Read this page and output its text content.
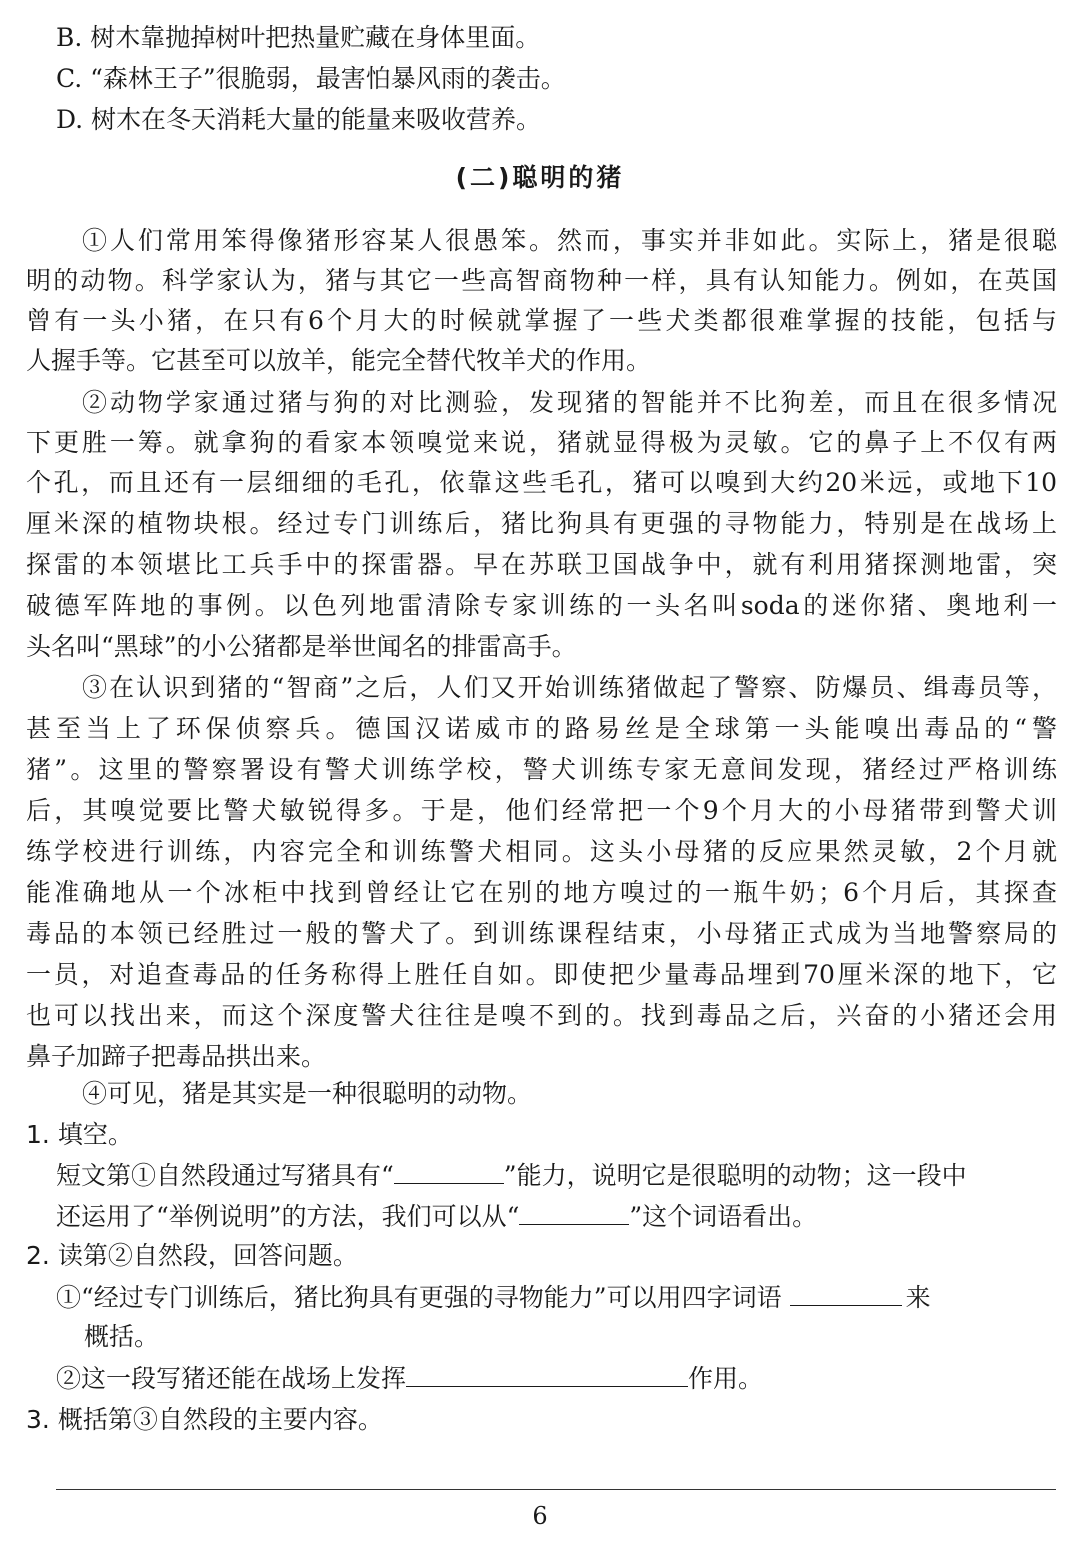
B. 树木靠抛掉树叶把热量贮藏在身体里面。
C. “森林王子”很脆弱，最害怕暴风雨的袭击。
D. 树木在冬天消耗大量的能量来吸收营养。
(二)聪明的猪
①人们常用笨得像猪形容某人很愚笨。然而，事实并非如此。实际上，猪是很聪
明的动物。科学家认为，猪与其它一些高智商物种一样，具有认知能力。例如，在英国
曾有一头小猪，在只有6个月大的时候就掌握了一些犬类都很难掌握的技能，包括与
人握手等。它甚至可以放羊，能完全替代牧羊犬的作用。
②动物学家通过猪与狗的对比测验，发现猪的智能并不比狗差，而且在很多情况
下更胜一筹。就拿狗的看家本领嗅觉来说，猪就显得极为灵敏。它的鼻子上不仅有两
个孔，而且还有一层细细的毛孔，依靠这些毛孔，猪可以嗅到大约20米远，或地下10
厘米深的植物块根。经过专门训练后，猪比狗具有更强的寻物能力，特别是在战场上
探雷的本领堪比工兵手中的探雷器。早在苏联卫国战争中，就有利用猪探测地雷，突
破德军阵地的事例。以色列地雷清除专家训练的一头名叫soda的迷你猪、奥地利一
头名叫“黑球”的小公猪都是举世闻名的排雷高手。
③在认识到猪的“智商”之后，人们又开始训练猪做起了警察、防爆员、缉毒员等，
甚至当上了环保侦察兵。德国汉诺威市的路易丝是全球第一头能嗅出毒品的“警
猪”。这里的警察署设有警犬训练学校，警犬训练专家无意间发现，猪经过严格训练
后，其嗅觉要比警犬敏锐得多。于是，他们经常把一个9个月大的小母猪带到警犬训
练学校进行训练，内容完全和训练警犬相同。这头小母猪的反应果然灵敏，2个月就
能准确地从一个冰柜中找到曾经让它在别的地方嗅过的一瓶牛奶；6个月后，其探查
毒品的本领已经胜过一般的警犬了。到训练课程结束，小母猪正式成为当地警察局的
一员，对追查毒品的任务称得上胜任自如。即使把少量毒品埋到70厘米深的地下，它
也可以找出来，而这个深度警犬往往是嗅不到的。找到毒品之后，兴奋的小猪还会用
鼻子加蹄子把毒品拱出来。
④可见，猪是其实是一种很聪明的动物。
1. 填空。
短文第①自然段通过写猪具有“	”能力，说明它是很聪明的动物；这一段中
还运用了“举例说明”的方法，我们可以从“	”这个词语看出。
2. 读第②自然段，回答问题。
①“经过专门训练后，猪比狗具有更强的寻物能力”可以用四字词语	来
概括。
②这一段写猪还能在战场上发挥	作用。
3. 概括第③自然段的主要内容。
6
